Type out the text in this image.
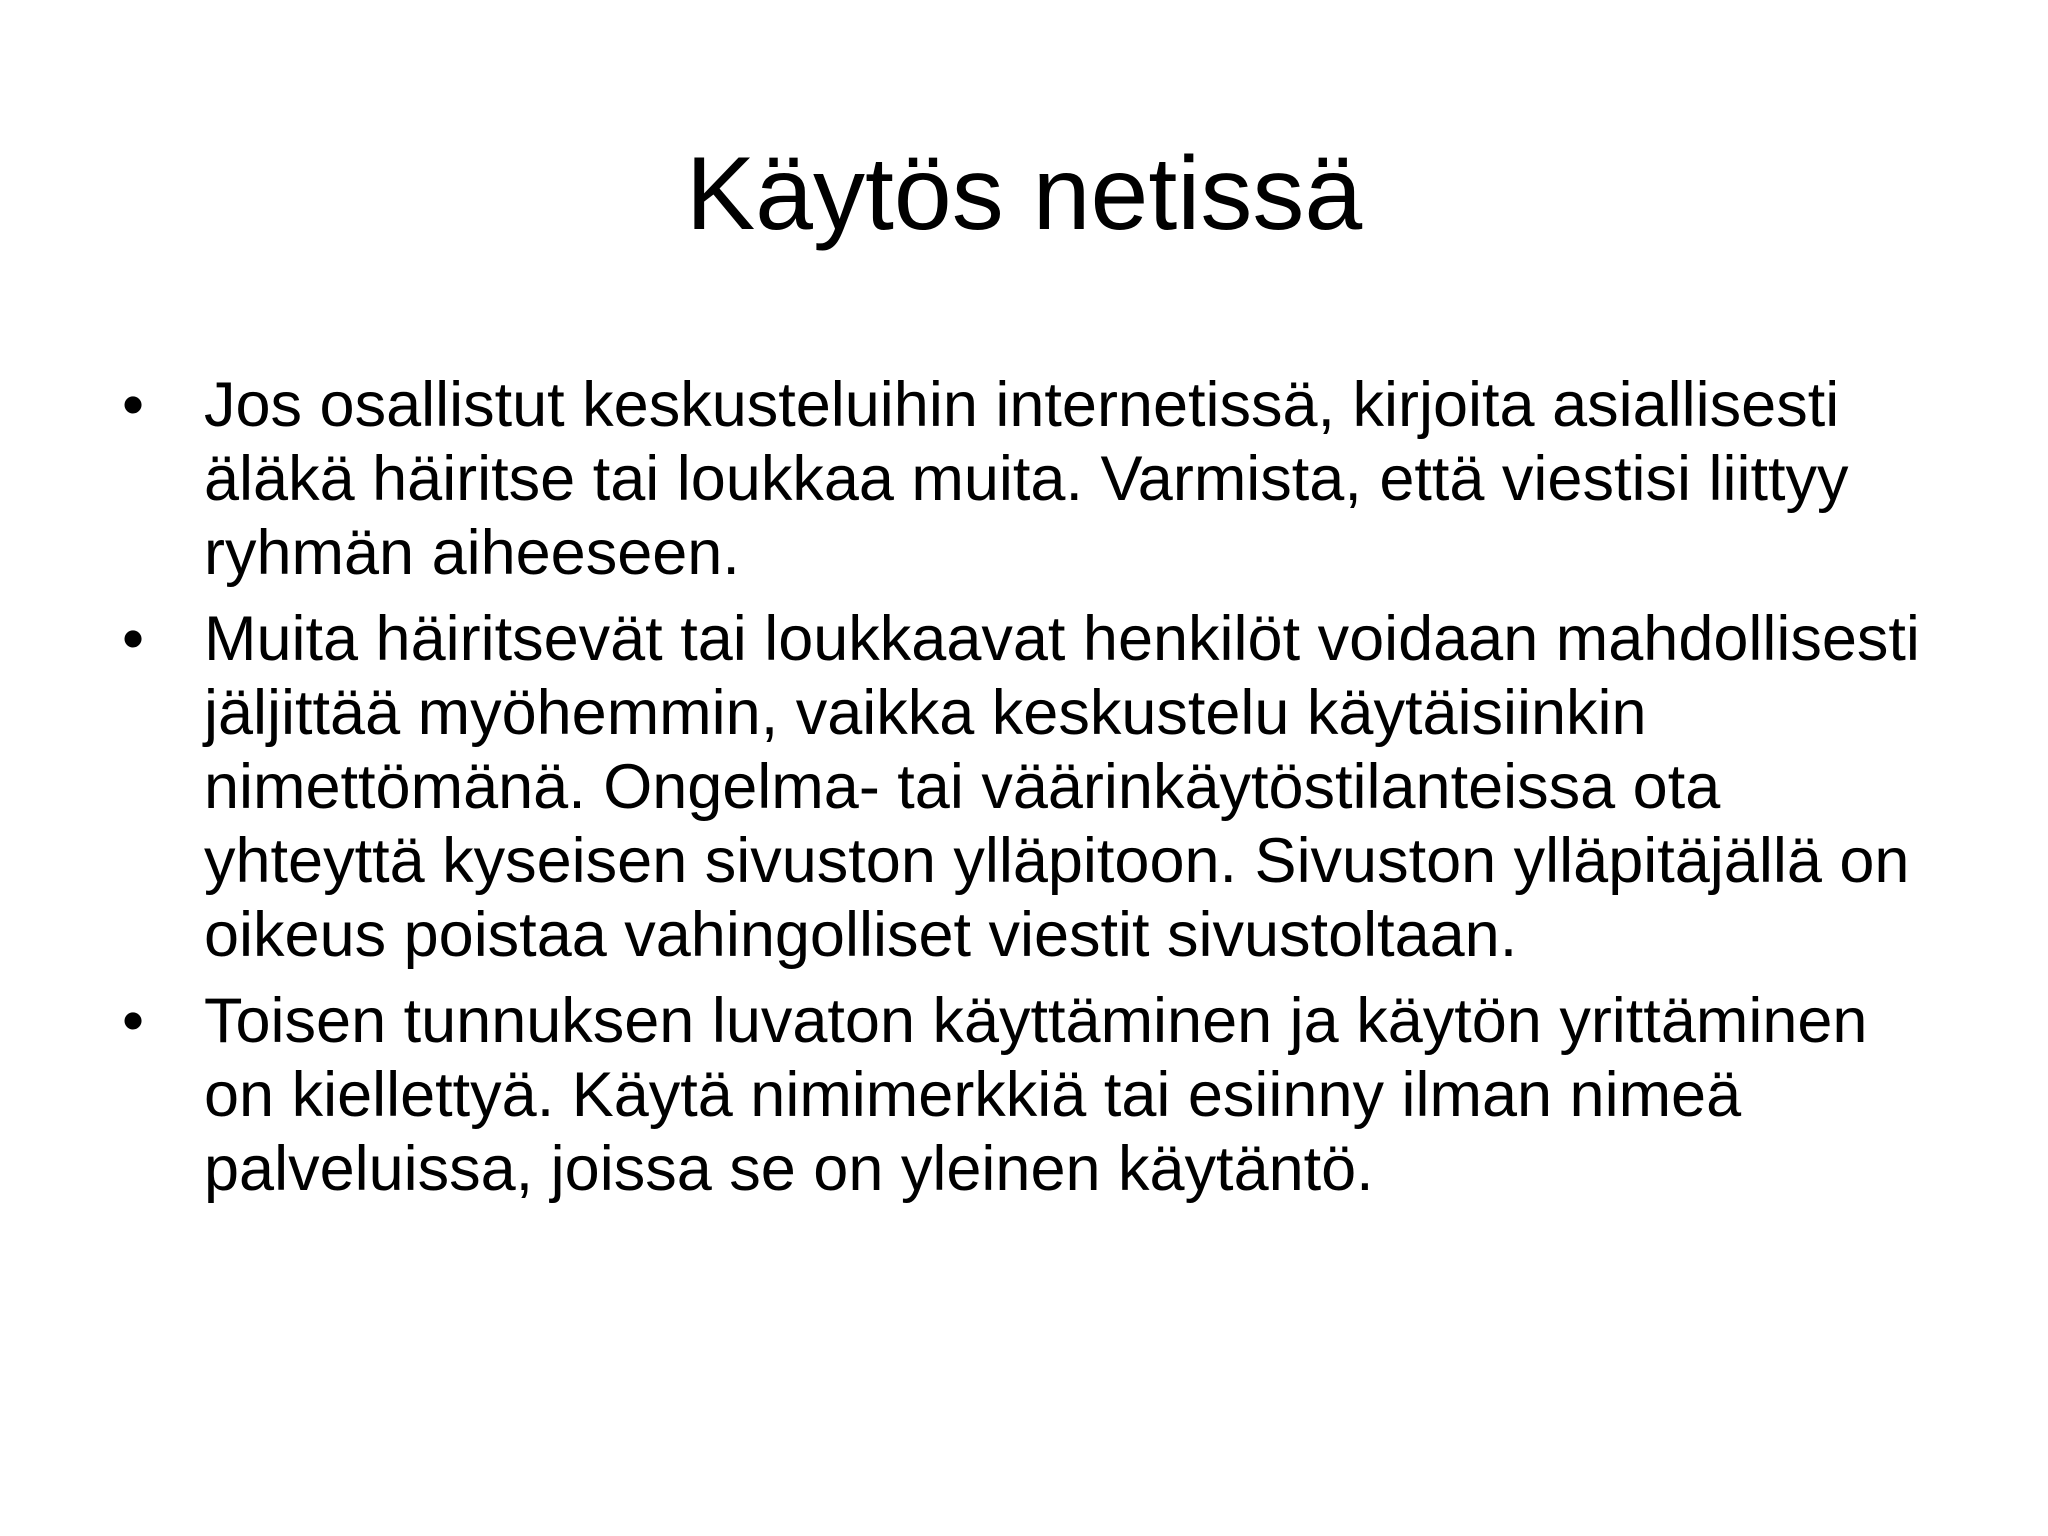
Käytös netissä
• Jos osallistut keskusteluihin internetissä, kirjoita asiallisesti äläkä häiritse tai loukkaa muita. Varmista, että viestisi liittyy ryhmän aiheeseen.
• Muita häiritsevät tai loukkaavat henkilöt voidaan mahdollisesti jäljittää myöhemmin, vaikka keskustelu käytäisiinkin nimettömänä. Ongelma- tai väärinkäytöstilanteissa ota yhteyttä kyseisen sivuston ylläpitoon. Sivuston ylläpitäjällä on oikeus poistaa vahingolliset viestit sivustoltaan.
• Toisen tunnuksen luvaton käyttäminen ja käytön yrittäminen on kiellettyä. Käytä nimimerkkiä tai esiinny ilman nimeä palveluissa, joissa se on yleinen käytäntö.
